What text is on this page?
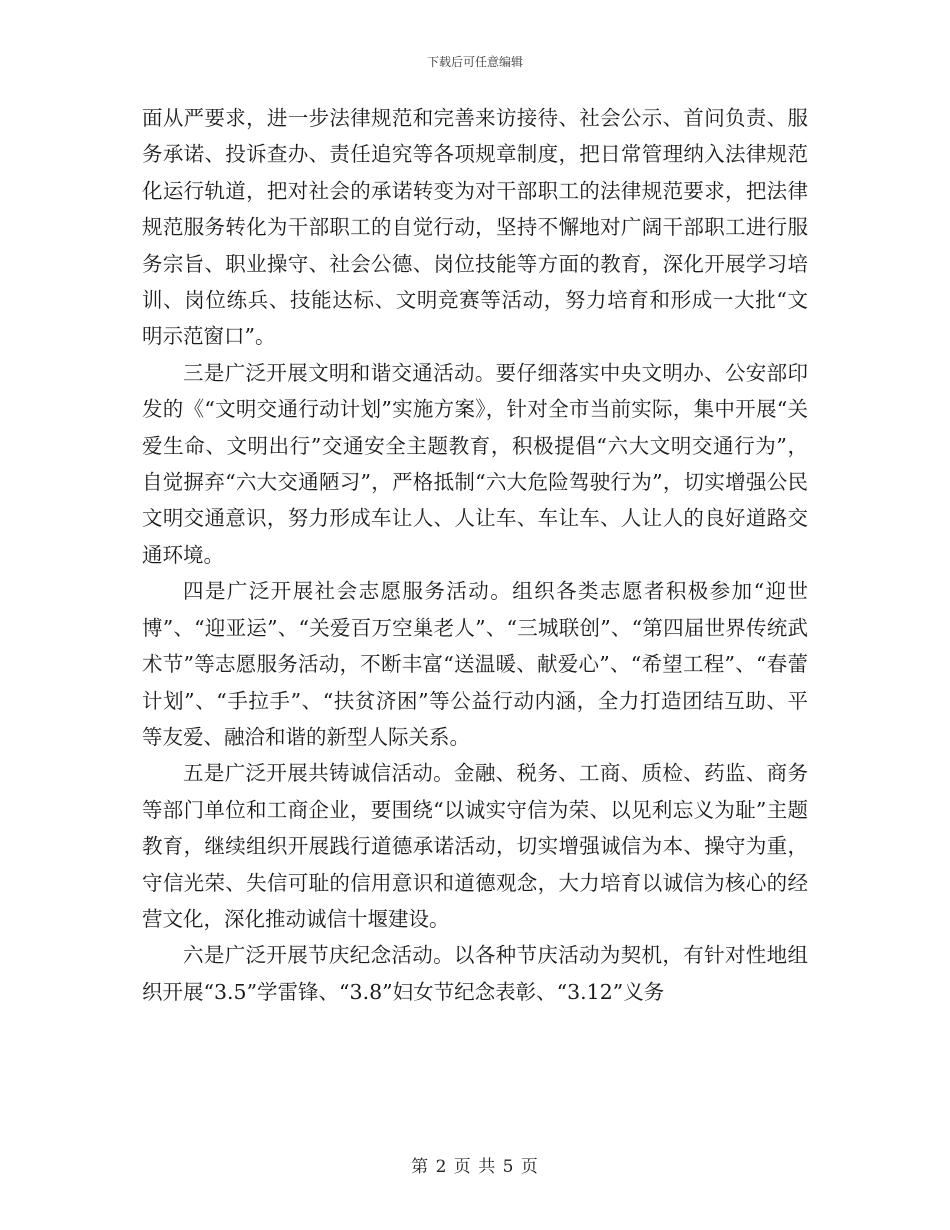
下载后可任意编辑

面从严要求，进一步法律规范和完善来访接待、社会公示、首问负责、服务承诺、投诉查办、责任追究等各项规章制度，把日常管理纳入法律规范化运行轨道，把对社会的承诺转变为对干部职工的法律规范要求，把法律规范服务转化为干部职工的自觉行动，坚持不懈地对广阔干部职工进行服务宗旨、职业操守、社会公德、岗位技能等方面的教育，深化开展学习培训、岗位练兵、技能达标、文明竞赛等活动，努力培育和形成一大批“文明示范窗口”。

三是广泛开展文明和谐交通活动。要仔细落实中央文明办、公安部印发的《“文明交通行动计划”实施方案》，针对全市当前实际，集中开展“关爱生命、文明出行”交通安全主题教育，积极提倡“六大文明交通行为”，自觉摒弃“六大交通陋习”，严格抵制“六大危险驾驶行为”，切实增强公民文明交通意识，努力形成车让人、人让车、车让车、人让人的良好道路交通环境。

四是广泛开展社会志愿服务活动。组织各类志愿者积极参加“迎世博”、“迎亚运”、“关爱百万空巢老人”、“三城联创”、“第四届世界传统武术节”等志愿服务活动，不断丰富“送温暖、献爱心”、“希望工程”、“春蕾计划”、“手拉手”、“扶贫济困”等公益行动内涵，全力打造团结互助、平等友爱、融洽和谐的新型人际关系。

五是广泛开展共铸诚信活动。金融、税务、工商、质检、药监、商务等部门单位和工商企业，要围绕“以诚实守信为荣、以见利忘义为耻”主题教育，继续组织开展践行道德承诺活动，切实增强诚信为本、操守为重，守信光荣、失信可耻的信用意识和道德观念，大力培育以诚信为核心的经营文化，深化推动诚信十堰建设。

六是广泛开展节庆纪念活动。以各种节庆活动为契机，有针对性地组织开展“3.5”学雷锋、“3.8”妇女节纪念表彰、“3.12”义务

第 2 页 共 5 页
